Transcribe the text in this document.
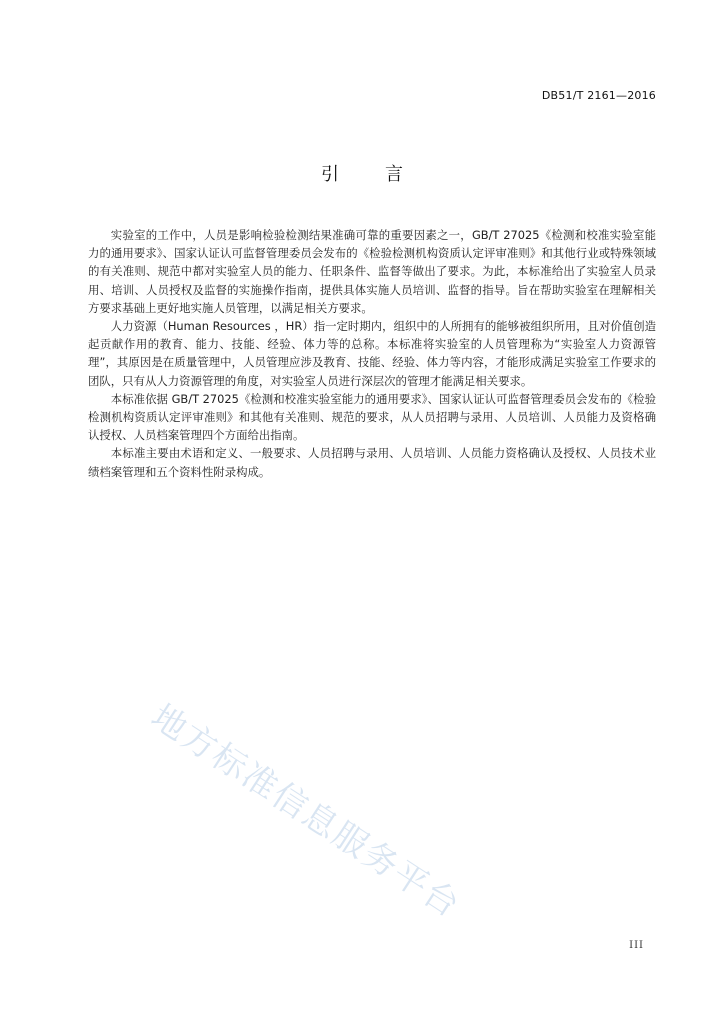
DB51/T 2161—2016
引	言

实验室的工作中，人员是影响检验检测结果准确可靠的重要因素之一，GB/T 27025《检测和校准实验室能力的通用要求》、国家认证认可监督管理委员会发布的《检验检测机构资质认定评审准则》和其他行业或特殊领域的有关准则、规范中都对实验室人员的能力、任职条件、监督等做出了要求。为此，本标准给出了实验室人员录用、培训、人员授权及监督的实施操作指南，提供具体实施人员培训、监督的指导。旨在帮助实验室在理解相关方要求基础上更好地实施人员管理，以满足相关方要求。

人力资源（Human Resources ，HR）指一定时期内，组织中的人所拥有的能够被组织所用，且对价值创造起贡献作用的教育、能力、技能、经验、体力等的总称。本标准将实验室的人员管理称为“实验室人力资源管理”，其原因是在质量管理中，人员管理应涉及教育、技能、经验、体力等内容，才能形成满足实验室工作要求的团队，只有从人力资源管理的角度，对实验室人员进行深层次的管理才能满足相关要求。

本标准依据 GB/T 27025《检测和校准实验室能力的通用要求》、国家认证认可监督管理委员会发布的《检验检测机构资质认定评审准则》和其他有关准则、规范的要求，从人员招聘与录用、人员培训、人员能力及资格确认授权、人员档案管理四个方面给出指南。

本标准主要由术语和定义、一般要求、人员招聘与录用、人员培训、人员能力资格确认及授权、人员技术业绩档案管理和五个资料性附录构成。

地方标准信息服务平台
III
